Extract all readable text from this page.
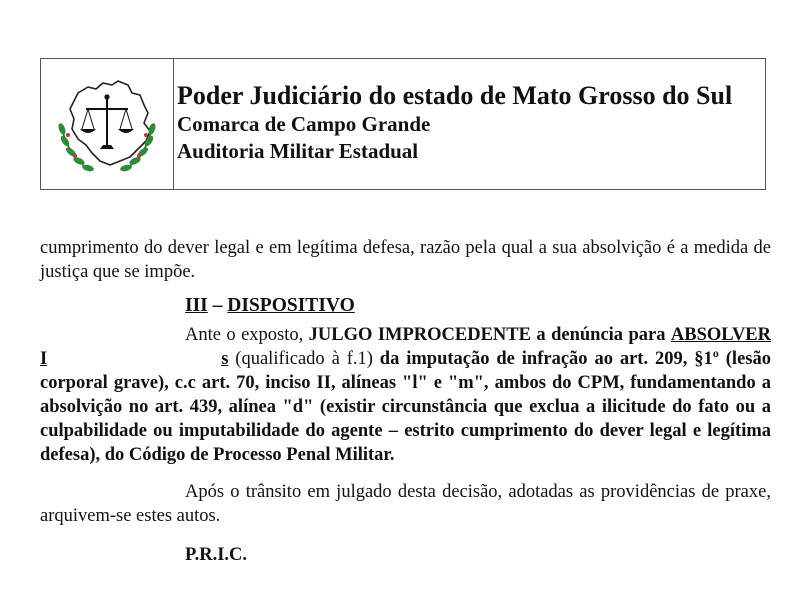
Poder Judiciário do estado de Mato Grosso do Sul

Comarca de Campo Grande

Auditoria Militar Estadual

cumprimento do dever legal e em legítima defesa, razão pela qual a sua absolvição é a medida de justiça que se impõe.

III – DISPOSITIVO

Ante o exposto, JULGO IMPROCEDENTE a denúncia para ABSOLVER I	s (qualificado à f.1) da imputação de infração ao art. 209, §1º (lesão corporal grave), c.c art. 70, inciso II, alíneas "l" e "m", ambos do CPM, fundamentando a absolvição no art. 439, alínea "d" (existir circunstância que exclua a ilicitude do fato ou a culpabilidade ou imputabilidade do agente – estrito cumprimento do dever legal e legítima defesa), do Código de Processo Penal Militar.

Após o trânsito em julgado desta decisão, adotadas as providências de praxe, arquivem-se estes autos.

P.R.I.C.
